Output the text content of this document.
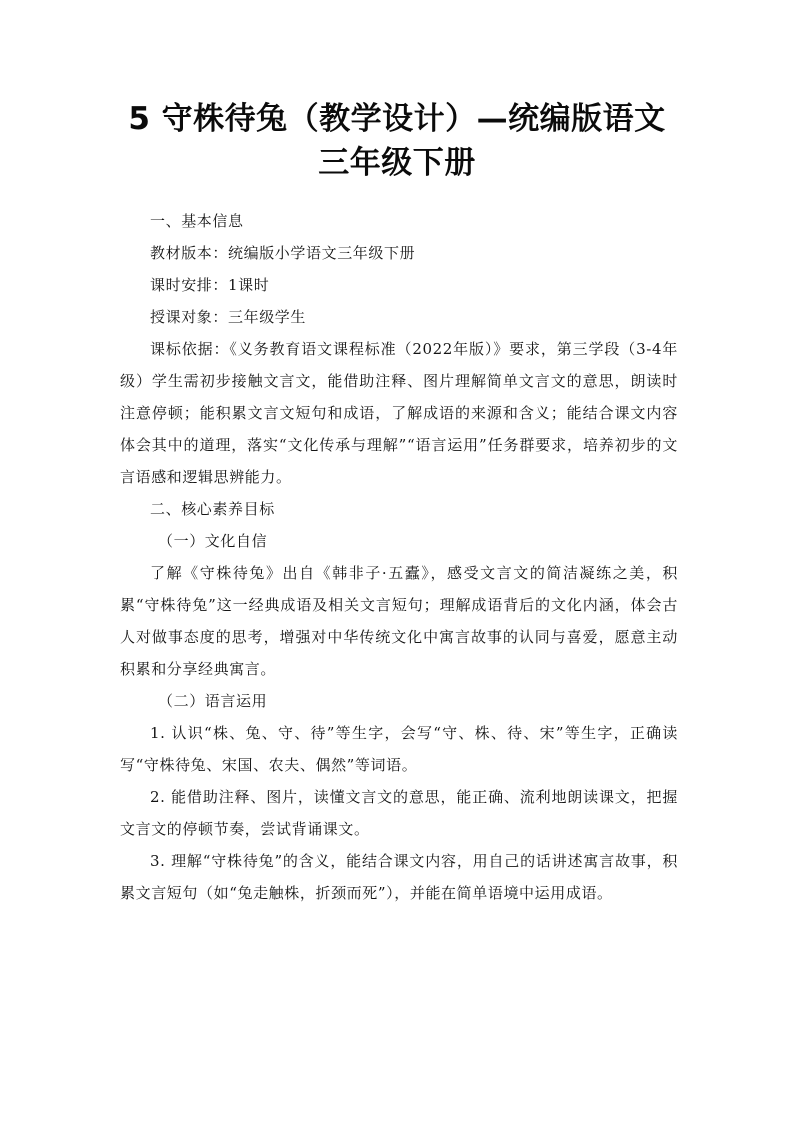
5 守株待兔（教学设计）—统编版语文
三年级下册

一、基本信息

教材版本：统编版小学语文三年级下册

课时安排：1课时

授课对象：三年级学生

课标依据：《义务教育语文课程标准（2022年版）》要求，第三学段（3-4年级）学生需初步接触文言文，能借助注释、图片理解简单文言文的意思，朗读时注意停顿；能积累文言文短句和成语，了解成语的来源和含义；能结合课文内容体会其中的道理，落实“文化传承与理解”“语言运用”任务群要求，培养初步的文言语感和逻辑思辨能力。

二、核心素养目标

（一）文化自信

了解《守株待兔》出自《韩非子·五蠹》，感受文言文的简洁凝练之美，积累“守株待兔”这一经典成语及相关文言短句；理解成语背后的文化内涵，体会古人对做事态度的思考，增强对中华传统文化中寓言故事的认同与喜爱，愿意主动积累和分享经典寓言。

（二）语言运用

1. 认识“株、兔、守、待”等生字，会写“守、株、待、宋”等生字，正确读写“守株待兔、宋国、农夫、偶然”等词语。

2. 能借助注释、图片，读懂文言文的意思，能正确、流利地朗读课文，把握文言文的停顿节奏，尝试背诵课文。

3. 理解“守株待兔”的含义，能结合课文内容，用自己的话讲述寓言故事，积累文言短句（如“兔走触株，折颈而死”），并能在简单语境中运用成语。
